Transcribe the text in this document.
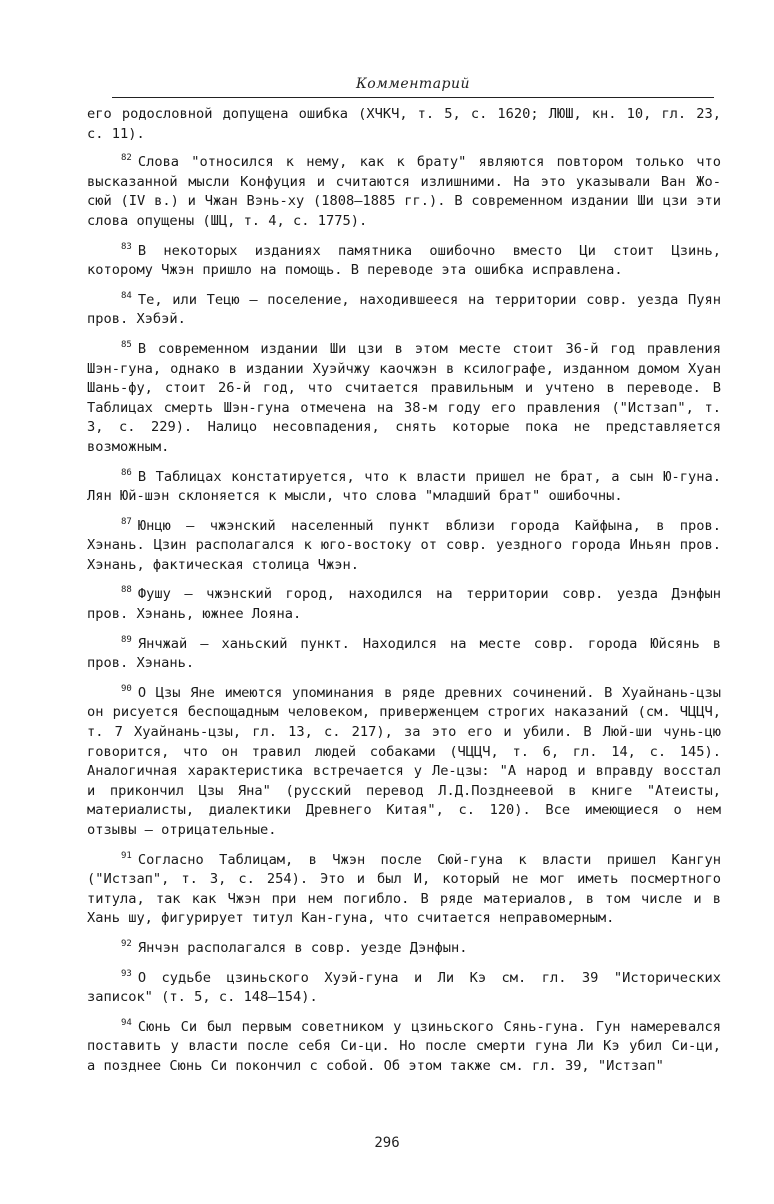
Комментарий

его родословной допущена ошибка (ХЧКЧ, т. 5, с. 1620; ЛЮШ, кн. 10, гл. 23, с. 11).

$^{82}$ Слова "относился к нему, как к брату" являются повтором только что высказанной мысли Конфуция и считаются излишними. На это указывали Ван Жо-сюй (IV в.) и Чжан Вэнь-ху (1808–1885 гг.). В современном издании Ши цзи эти слова опущены (ШЦ, т. 4, с. 1775).

$^{83}$ В некоторых изданиях памятника ошибочно вместо Ци стоит Цзинь, которому Чжэн пришло на помощь. В переводе эта ошибка исправлена.

$^{84}$ Те, или Тецю — поселение, находившееся на территории совр. уезда Пуян пров. Хэбэй.

$^{85}$ В современном издании Ши цзи в этом месте стоит 36-й год правления Шэн-гуна, однако в издании Хуэйчжу каочжэн в ксилографе, изданном домом Хуан Шань-фу, стоит 26-й год, что считается правильным и учтено в переводе. В Таблицах смерть Шэн-гуна отмечена на 38-м году его правления ("Истзап", т. 3, с. 229). Налицо несовпадения, снять которые пока не представляется возможным.

$^{86}$ В Таблицах констатируется, что к власти пришел не брат, а сын Ю-гуна. Лян Юй-шэн склоняется к мысли, что слова "младший брат" ошибочны.

$^{87}$ Юнцю — чжэнский населенный пункт вблизи города Кайфына, в пров. Хэнань. Цзин располагался к юго-востоку от совр. уездного города Иньян пров. Хэнань, фактическая столица Чжэн.

$^{88}$ Фушу — чжэнский город, находился на территории совр. уезда Дэнфын пров. Хэнань, южнее Лояна.

$^{89}$ Янчжай — ханьский пункт. Находился на месте совр. города Юйсянь в пров. Хэнань.

$^{90}$ О Цзы Яне имеются упоминания в ряде древних сочинений. В Хуайнань-цзы он рисуется беспощадным человеком, приверженцем строгих наказаний (см. ЧЦЦЧ, т. 7 Хуайнань-цзы, гл. 13, с. 217), за это его и убили. В Люй-ши чунь-цю говорится, что он травил людей собаками (ЧЦЦЧ, т. 6, гл. 14, с. 145). Аналогичная характеристика встречается у Ле-цзы: "А народ и вправду восстал и прикончил Цзы Яна" (русский перевод Л.Д.Позднеевой в книге "Атеисты, материалисты, диалектики Древнего Китая", с. 120). Все имеющиеся о нем отзывы — отрицательные.

$^{91}$ Согласно Таблицам, в Чжэн после Сюй-гуна к власти пришел Кангун ("Истзап", т. 3, с. 254). Это и был И, который не мог иметь посмертного титула, так как Чжэн при нем погибло. В ряде материалов, в том числе и в Хань шу, фигурирует титул Кан-гуна, что считается неправомерным.

$^{92}$ Янчэн располагался в совр. уезде Дэнфын.

$^{93}$ О судьбе цзиньского Хуэй-гуна и Ли Кэ см. гл. 39 "Исторических записок" (т. 5, с. 148–154).

$^{94}$ Сюнь Си был первым советником у цзиньского Сянь-гуна. Гун намеревался поставить у власти после себя Си-ци. Но после смерти гуна Ли Кэ убил Си-ци, а позднее Сюнь Си покончил с собой. Об этом также см. гл. 39, "Истзап"

296
